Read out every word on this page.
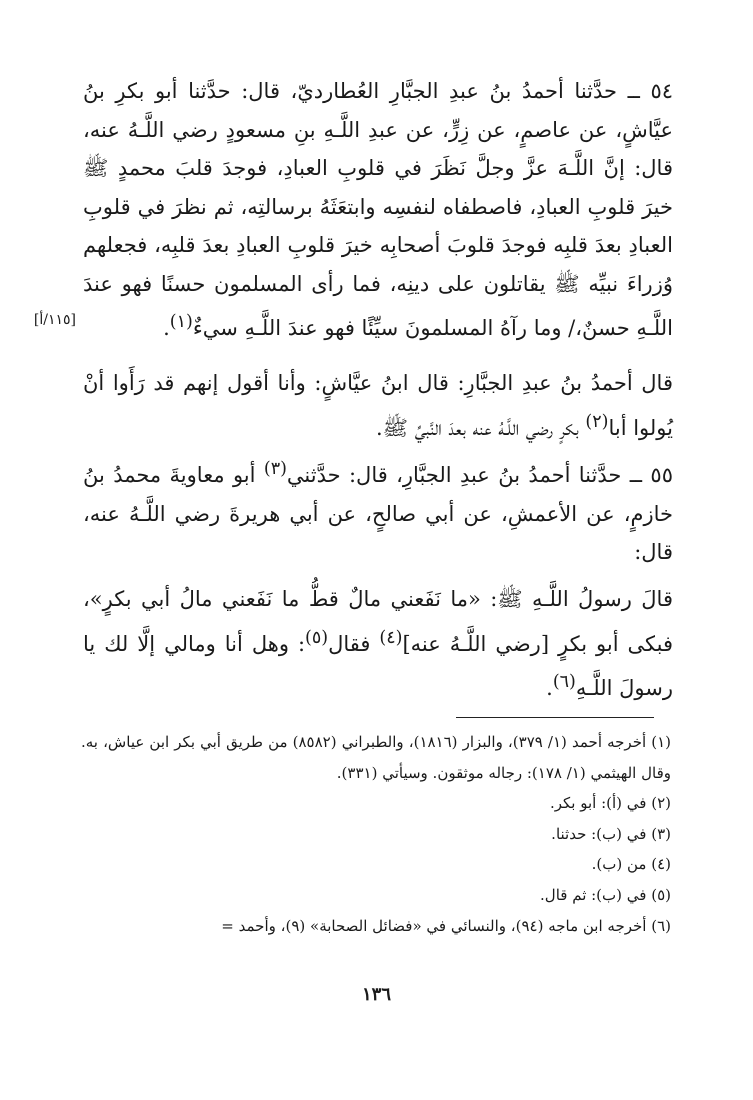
٥٤ ــ حدَّثنا أحمدُ بنُ عبدِ الجبَّارِ العُطارديّ، قال: حدَّثنا أبو بكرِ بنُ عيَّاشٍ، عن عاصمٍ، عن زِرٍّ، عن عبدِ اللَّـهِ بنِ مسعودٍ رضي اللَّـهُ عنه، قال: إنَّ اللَّـهَ عزَّ وجلَّ نَظَرَ في قلوبِ العبادِ، فوجدَ قلبَ محمدٍ ﷺ خيرَ قلوبِ العبادِ، فاصطفاه لنفسِه وابتعَثَهُ برسالتِه، ثم نظرَ في قلوبِ العبادِ بعدَ قلبِه فوجدَ قلوبَ أصحابِه خيرَ قلوبِ العبادِ بعدَ قلبِه، فجعلهم وُزراءَ نبيِّه ﷺ يقاتلون على دينِه، فما رأى المسلمون حسنًا فهو عندَ اللَّـهِ حسنٌ،/ وما رآهُ المسلمونَ سيِّئًا فهو عندَ اللَّـهِ سيءٌ$^{(١)}$.

[١١٥/أ]

قال أحمدُ بنُ عبدِ الجبَّارِ: قال ابنُ عيَّاشٍ: وأنا أقول إنهم قد رَأَوا أنْ يُولوا أبا$^{(٢)}$ بكرٍ رضي اللَّـهُ عنه بعدَ النَّبيِّ ﷺ.

٥٥ ــ حدَّثنا أحمدُ بنُ عبدِ الجبَّارِ، قال: حدَّثني$^{(٣)}$ أبو معاويةَ محمدُ بنُ خازمٍ، عن الأعمشِ، عن أبي صالحٍ، عن أبي هريرةَ رضي اللَّـهُ عنه، قال:

قالَ رسولُ اللَّـهِ ﷺ: «ما نَفَعني مالٌ قطُّ ما نَفَعني مالُ أبي بكرٍ»، فبكى أبو بكرٍ [رضي اللَّـهُ عنه]$^{(٤)}$ فقال$^{(٥)}$: وهل أنا ومالي إلَّا لك يا رسولَ اللَّـهِ$^{(٦)}$.

(١) أخرجه أحمد (١/ ٣٧٩)، والبزار (١٨١٦)، والطبراني (٨٥٨٢) من طريق أبي بكر ابن عياش، به. وقال الهيثمي (١/ ١٧٨): رجاله موثقون. وسيأتي (٣٣١).
(٢) في (أ): أبو بكر.
(٣) في (ب): حدثنا.
(٤) من (ب).
(٥) في (ب): ثم قال.
(٦) أخرجه ابن ماجه (٩٤)، والنسائي في «فضائل الصحابة» (٩)، وأحمد =
١٣٦
